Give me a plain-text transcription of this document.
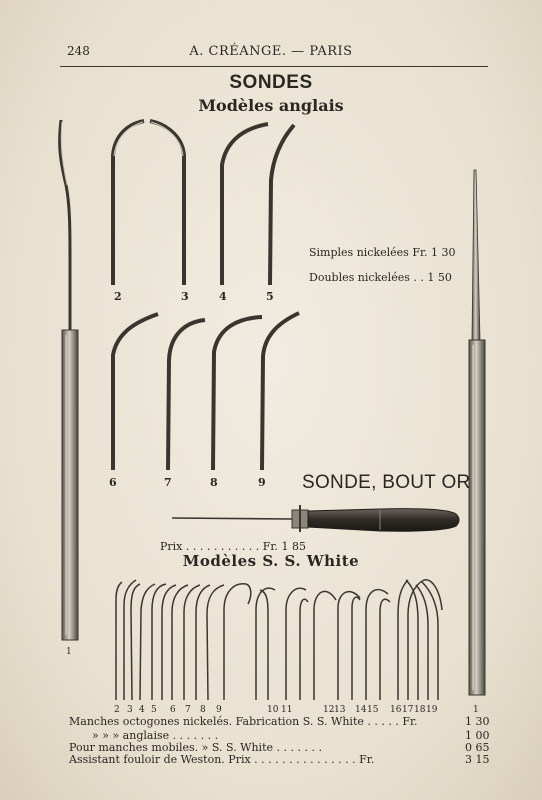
248	A. CRÉANGE. — PARIS
SONDES
Modèles anglais
2	3	4	5
6	7	8	9
1
1
2 3 4 5 6 7 8 9	10 11	12 13 14 15 16 17 18 19
Simples nickelées Fr. 1 30
Doubles nickelées . . 1 50
SONDE, BOUT OR
Prix . . . . . . . . . . . Fr. 1 85
Modèles S. S. White
Manches octogones nickelés. Fabrication S. S. White . . . . . Fr.	1 30
» » » anglaise . . . . . . .	1 00
Pour manches mobiles. » S. S. White . . . . . . .	0 65
Assistant fouloir de Weston. Prix . . . . . . . . . . . . . . . Fr.	3 15
